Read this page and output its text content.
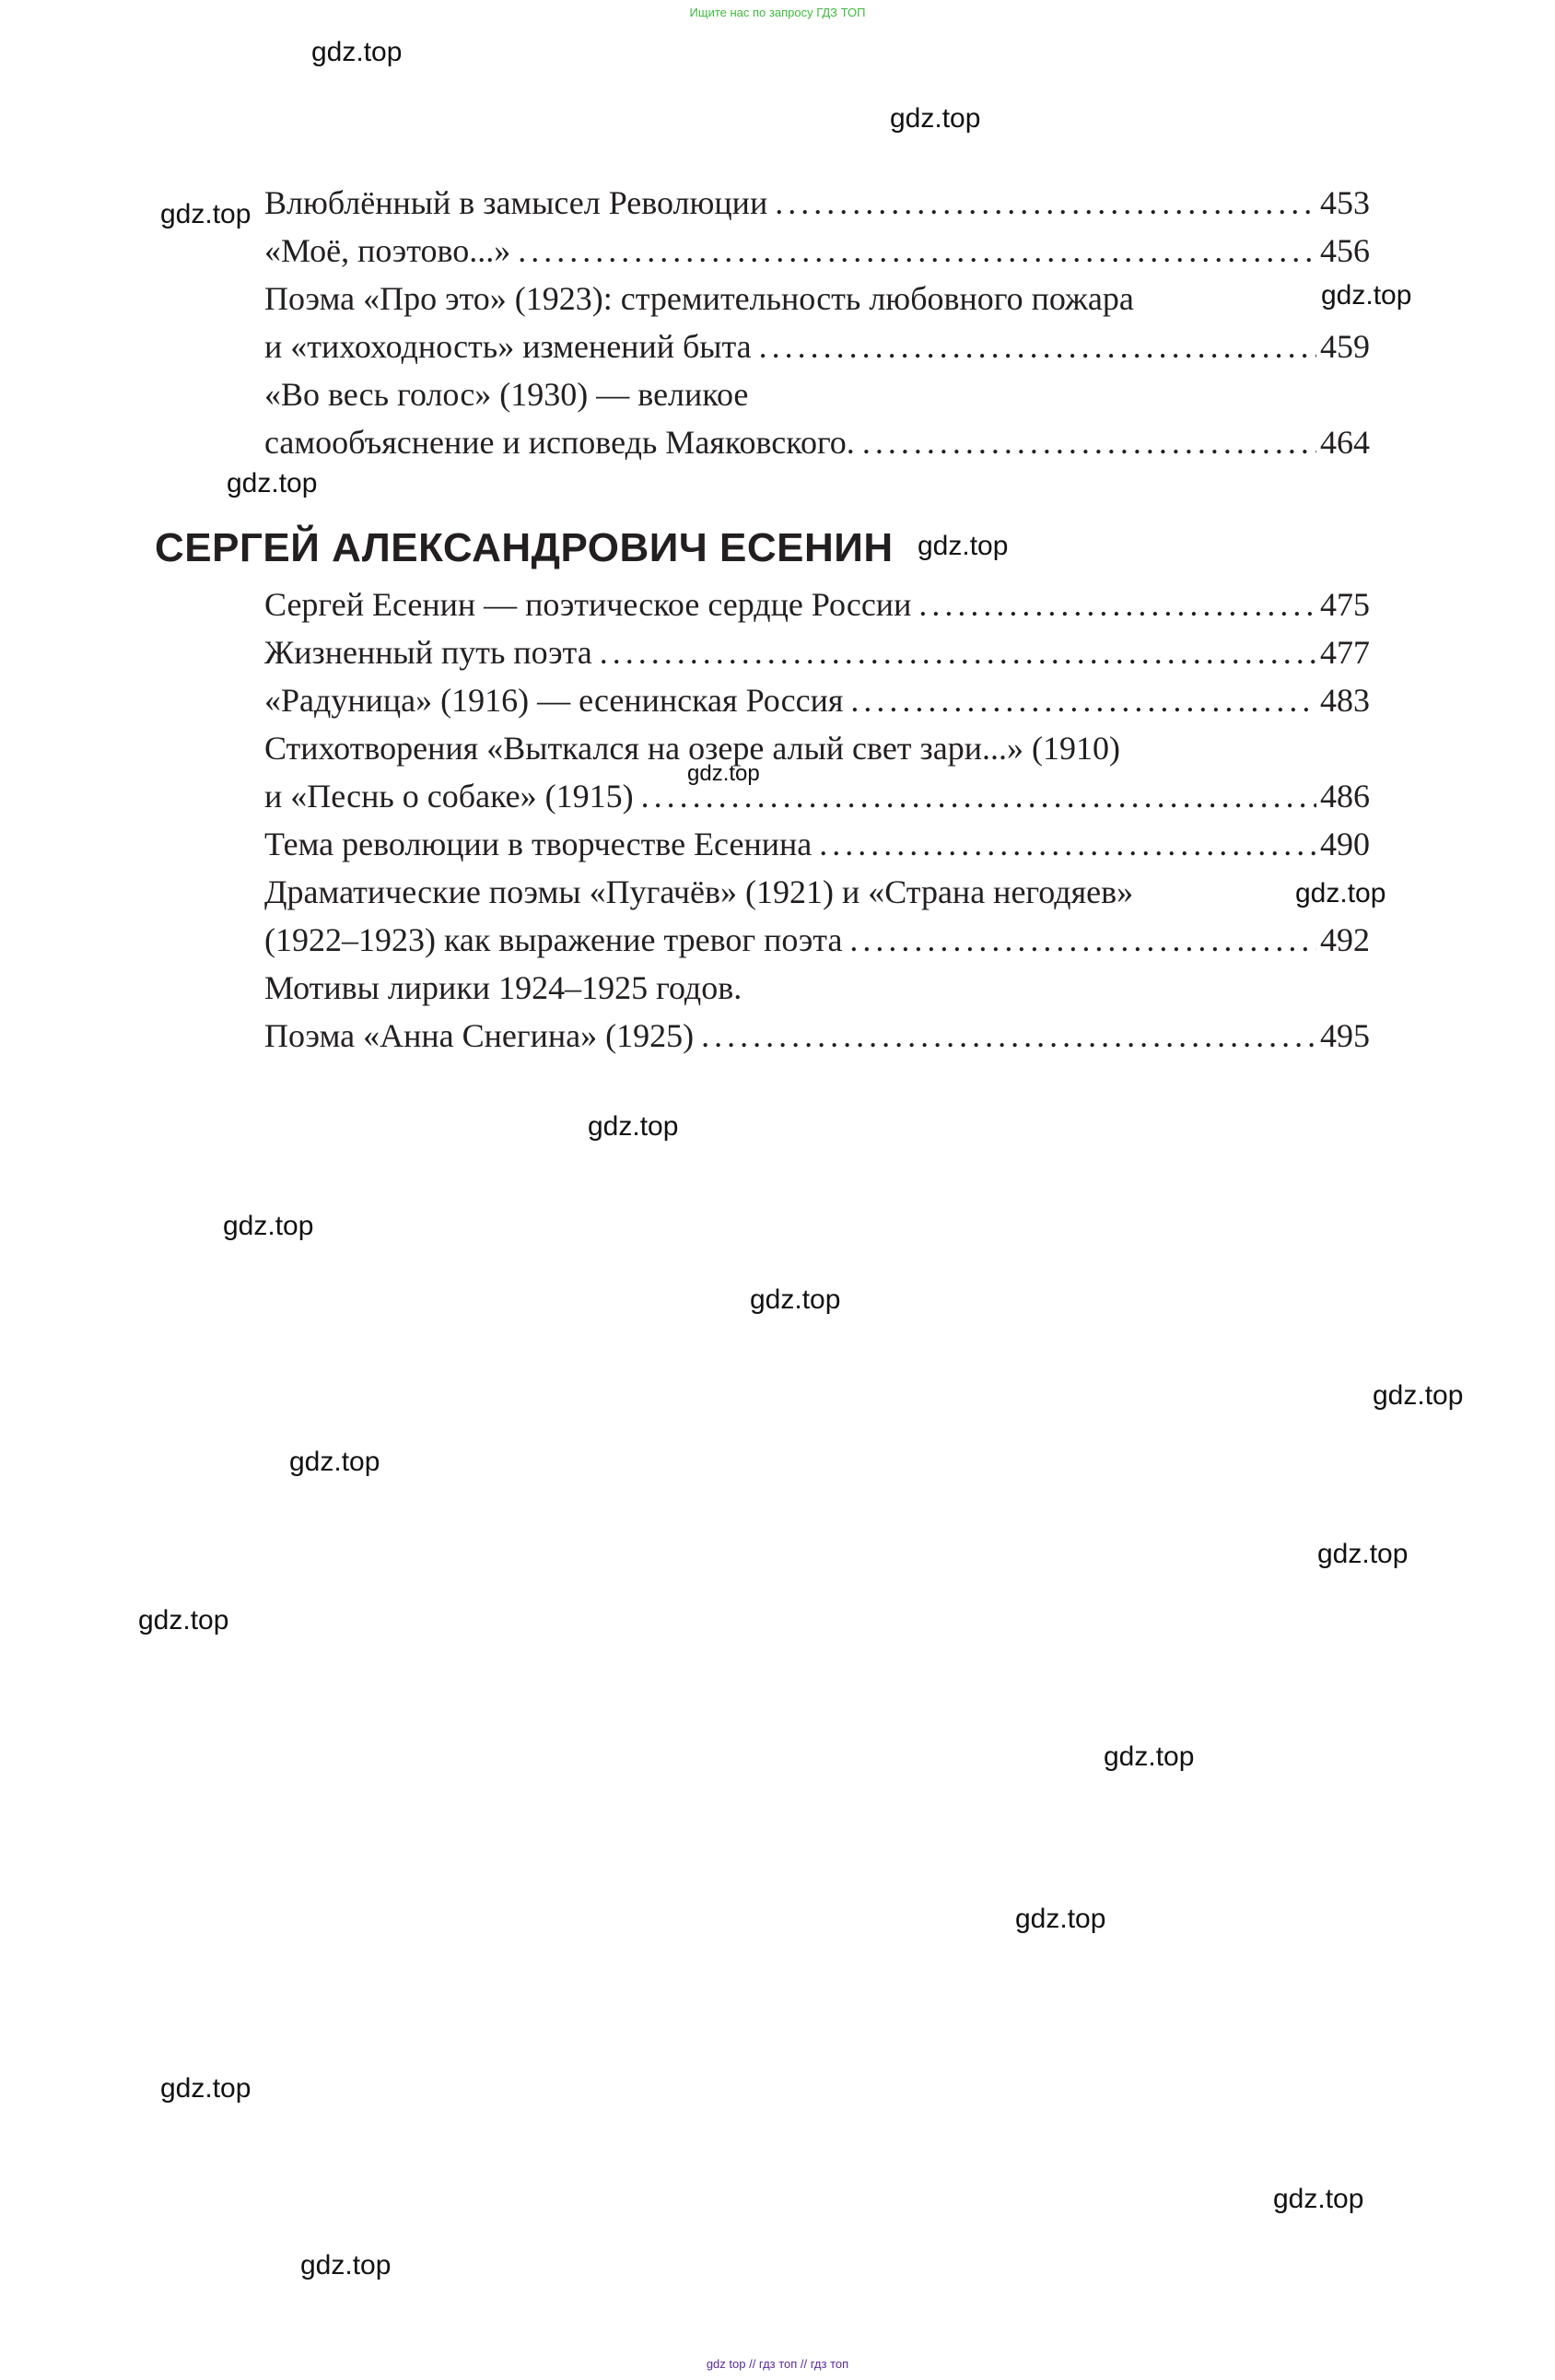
Ищите нас по запросу ГДЗ ТОП
gdz.top
gdz.top
gdz.top
gdz.top
gdz.top
gdz.top
gdz.top
gdz.top
gdz.top
gdz.top
gdz.top
gdz.top
gdz.top
gdz.top
gdz.top
gdz.top
gdz.top
gdz.top
gdz.top
gdz.top
Влюблённый в замысел Революции .....	453
«Моё, поэтово...» .....	456
Поэма «Про это» (1923): стремительность любовного пожара
и «тихоходность» изменений быта .....	459
«Во весь голос» (1930) — великое
самообъяснение и исповедь Маяковского. .....	464
СЕРГЕЙ АЛЕКСАНДРОВИЧ ЕСЕНИН
Сергей Есенин — поэтическое сердце России .....	475
Жизненный путь поэта .....	477
«Радуница» (1916) — есенинская Россия .....	483
Стихотворения «Выткался на озере алый свет зари...» (1910)
и «Песнь о собаке» (1915) .....	486
Тема революции в творчестве Есенина .....	490
Драматические поэмы «Пугачёв» (1921) и «Страна негодяев»
(1922–1923) как выражение тревог поэта .....	492
Мотивы лирики 1924–1925 годов.
Поэма «Анна Снегина» (1925) .....	495
gdz top // гдз топ // гдз топ
